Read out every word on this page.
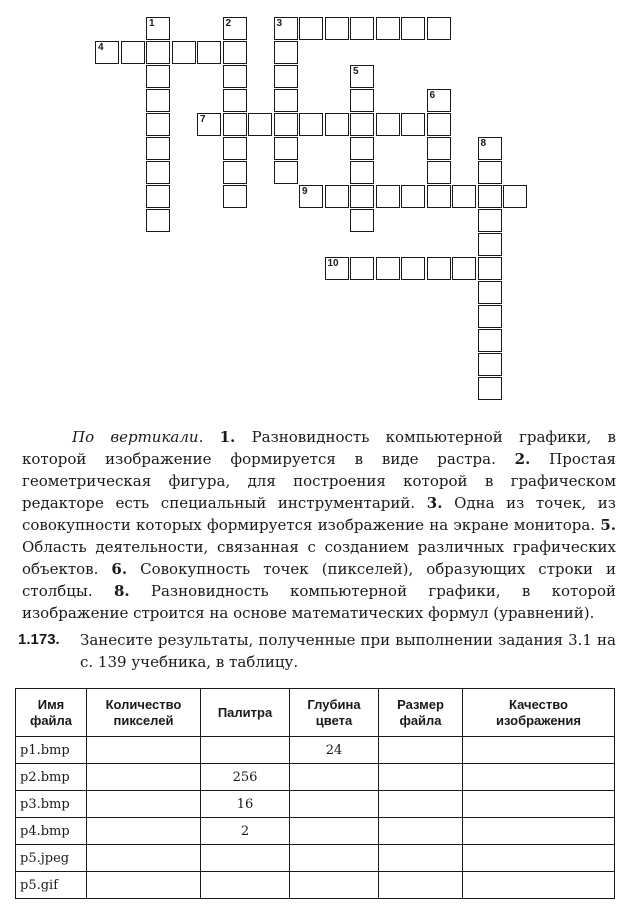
1	2	3
4
5
6
7
8
9
10

По вертикали. 1. Разновидность компьютерной графики, в которой изображение формируется в виде растра. 2. Простая геометрическая фигура, для построения которой в графическом редакторе есть специальный инструментарий. 3. Одна из точек, из совокупности которых формируется изображение на экране монитора. 5. Область деятельности, связанная с созданием различных графических объектов. 6. Совокупность точек (пикселей), образующих строки и столбцы. 8. Разновидность компьютерной графики, в которой изображение строится на основе математических формул (уравнений).

1.173.	Занесите результаты, полученные при выполнении задания 3.1 на с. 139 учебника, в таблицу.

Имя файла	Количество пикселей	Палитра	Глубина цвета	Размер файла	Качество изображения
p1.bmp			24		
p2.bmp		256			
p3.bmp		16			
p4.bmp		2			
p5.jpeg					
p5.gif					
